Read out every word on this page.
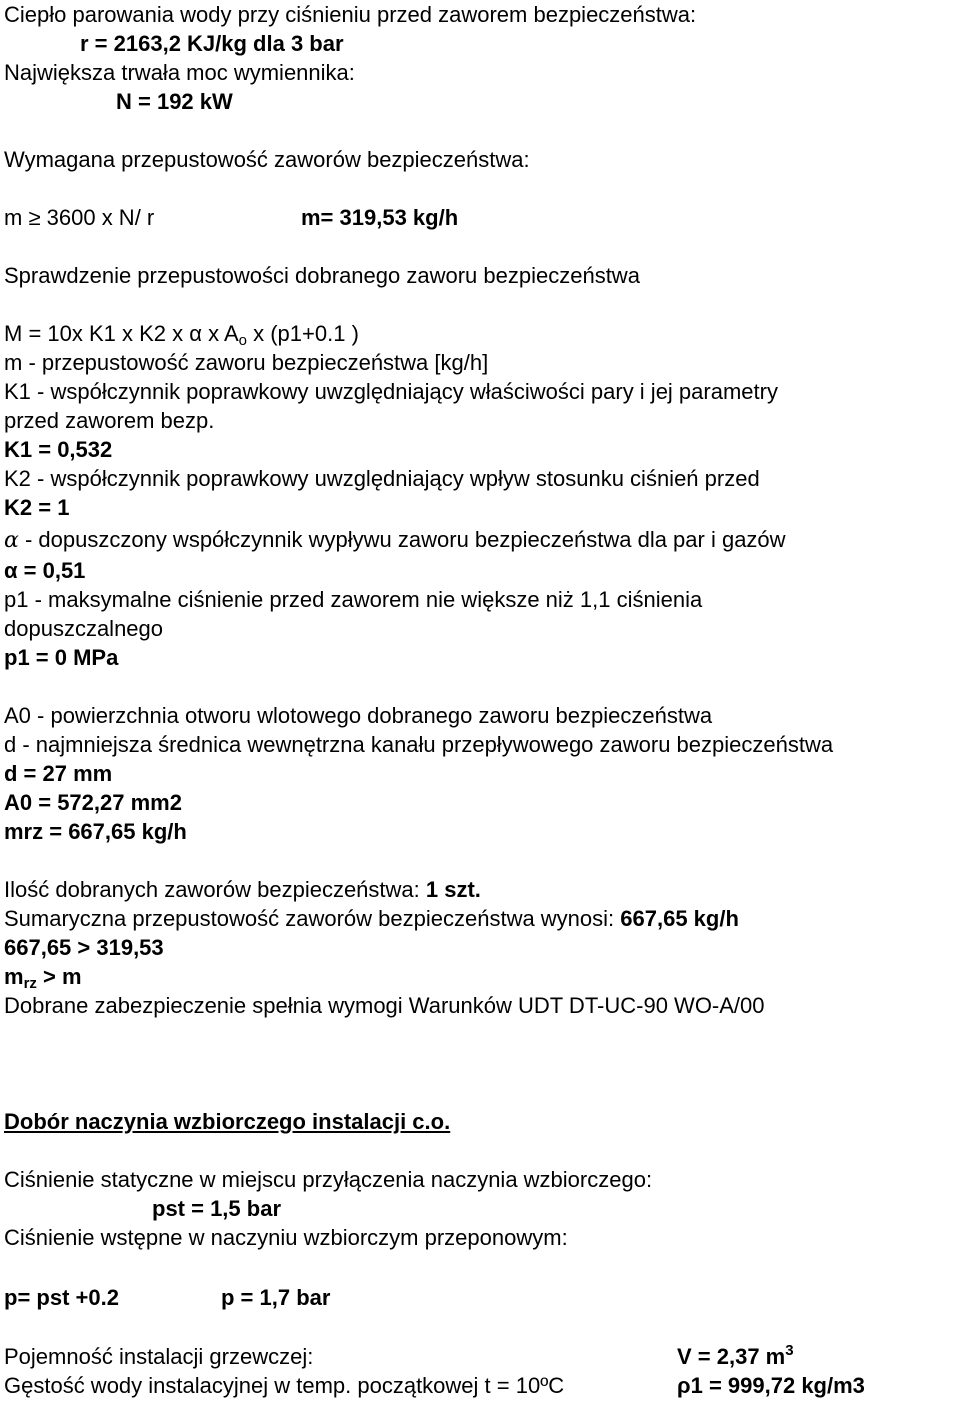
Ciepło parowania wody przy ciśnieniu przed zaworem bezpieczeństwa:
r = 2163,2 KJ/kg dla 3 bar
Największa trwała moc wymiennika:
N = 192 kW
Wymagana przepustowość zaworów bezpieczeństwa:
m ≥ 3600 x N/ r	m= 319,53 kg/h
Sprawdzenie przepustowości dobranego zaworu bezpieczeństwa
M = 10x K1 x K2 x α x $A_o$ x (p1+0.1 )
m - przepustowość zaworu bezpieczeństwa [kg/h]
K1 - współczynnik poprawkowy uwzględniający właściwości pary i jej parametry
przed zaworem bezp.
K1 = 0,532
K2 - współczynnik poprawkowy uwzględniający wpływ stosunku ciśnień przed
K2 = 1
α - dopuszczony współczynnik wypływu zaworu bezpieczeństwa dla par i gazów
α = 0,51
p1 - maksymalne ciśnienie przed zaworem nie większe niż 1,1 ciśnienia
dopuszczalnego
p1 = 0 MPa
A0 - powierzchnia otworu wlotowego dobranego zaworu bezpieczeństwa
d - najmniejsza średnica wewnętrzna kanału przepływowego zaworu bezpieczeństwa
d = 27 mm
A0 = 572,27 mm2
mrz = 667,65 kg/h
Ilość dobranych zaworów bezpieczeństwa: 1 szt.
Sumaryczna przepustowość zaworów bezpieczeństwa wynosi: 667,65 kg/h
667,65 > 319,53
$m_{rz} > m$
Dobrane zabezpieczenie spełnia wymogi Warunków UDT DT-UC-90 WO-A/00
Dobór naczynia wzbiorczego instalacji c.o.
Ciśnienie statyczne w miejscu przyłączenia naczynia wzbiorczego:
pst = 1,5 bar
Ciśnienie wstępne w naczyniu wzbiorczym przeponowym:
p= pst +0.2	p = 1,7 bar
Pojemność instalacji grzewczej:	V = 2,37 $m^3$
Gęstość wody instalacyjnej w temp. początkowej t = 10ºC	ρ1 = 999,72 kg/m3
